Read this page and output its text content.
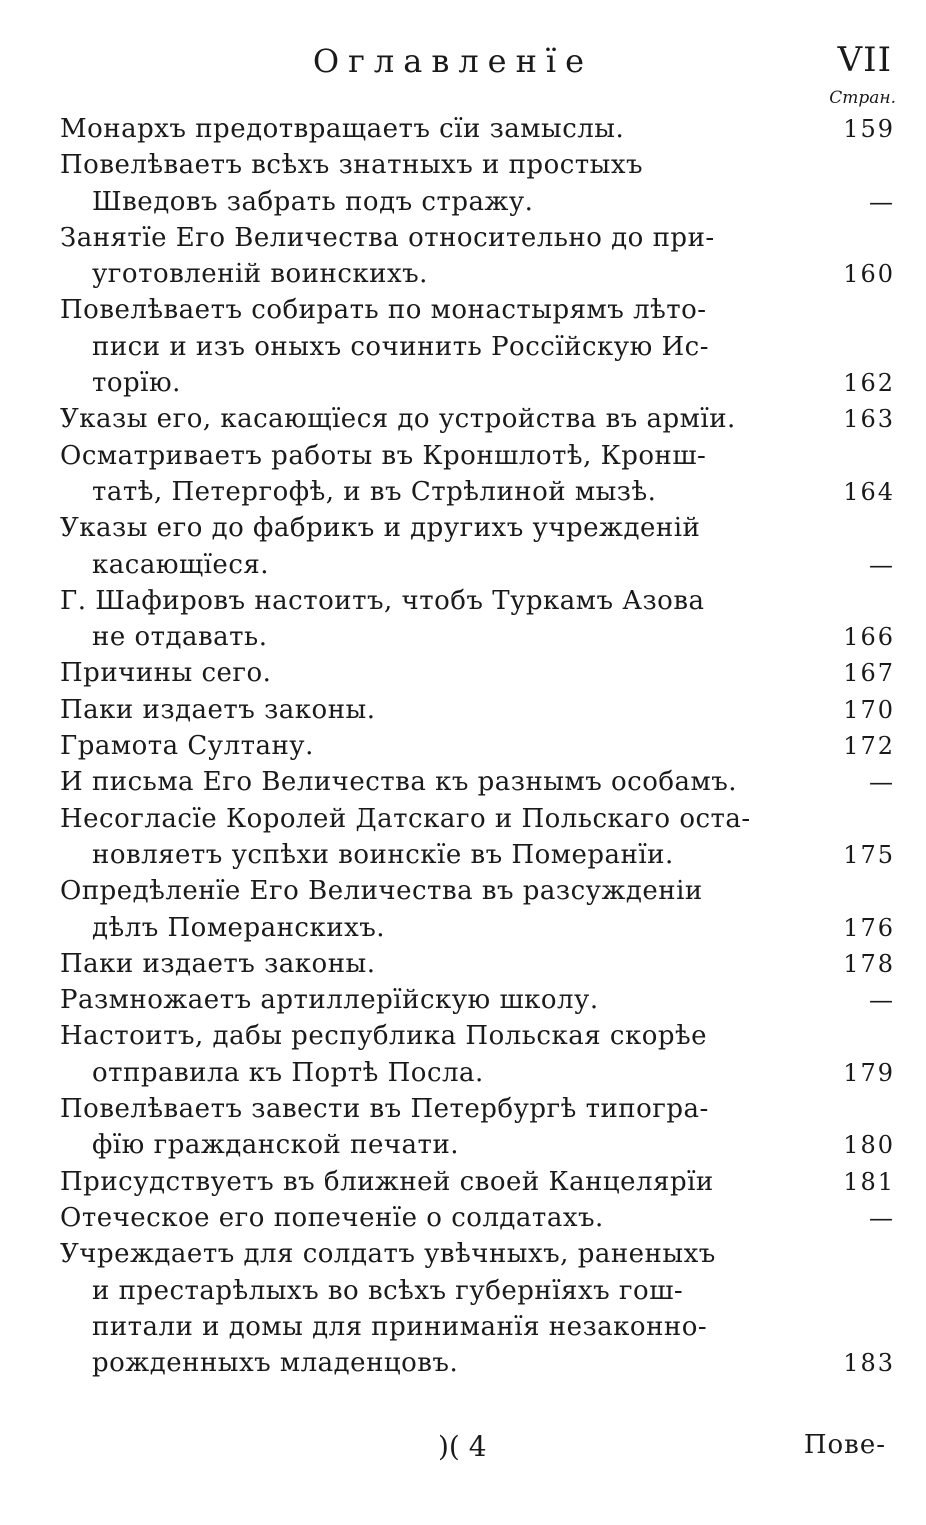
Оглавленїе	VII
Стран.
Монархъ предотвращаетъ сїи замыслы.	159
Повелѣваетъ всѣхъ знатныхъ и простыхъ
Шведовъ забрать подъ стражу.	—
Занятїе Его Величества относительно до при-
уготовленiй воинскихъ.	160
Повелѣваетъ собирать по монастырямъ лѣто-
писи и изъ оныхъ сочинить Россїйскую Ис-
торїю.	162
Указы его, касающїеся до устройства въ армїи.	163
Осматриваетъ работы въ Кроншлотѣ, Кронш-
татѣ, Петергофѣ, и въ Стрѣлиной мызѣ.	164
Указы его до фабрикъ и другихъ учрежденiй
касающїеся.	—
Г. Шафировъ настоитъ, чтобъ Туркамъ Азова
не отдавать.	166
Причины сего.	167
Паки издаетъ законы.	170
Грамота Султану.	172
И письма Его Величества къ разнымъ особамъ.	—
Несогласїе Королей Датскаго и Польскаго оста-
новляетъ успѣхи воинскїе въ Померанїи.	175
Опредѣленїе Его Величества въ разсужденiи
дѣлъ Померанскихъ.	176
Паки издаетъ законы.	178
Размножаетъ артиллерїйскую школу.	—
Настоитъ, дабы республика Польская скорѣе
отправила къ Портѣ Посла.	179
Повелѣваетъ завести въ Петербургѣ типогра-
фїю гражданской печати.	180
Присудствуетъ въ ближней своей Канцелярїи	181
Отеческое его попеченїе о солдатахъ.	—
Учреждаетъ для солдатъ увѣчныхъ, раненыхъ
и престарѣлыхъ во всѣхъ губернїяхъ гош-
питали и домы для приниманїя незаконно-
рожденныхъ младенцовъ.	183
)( 4	Пове-
